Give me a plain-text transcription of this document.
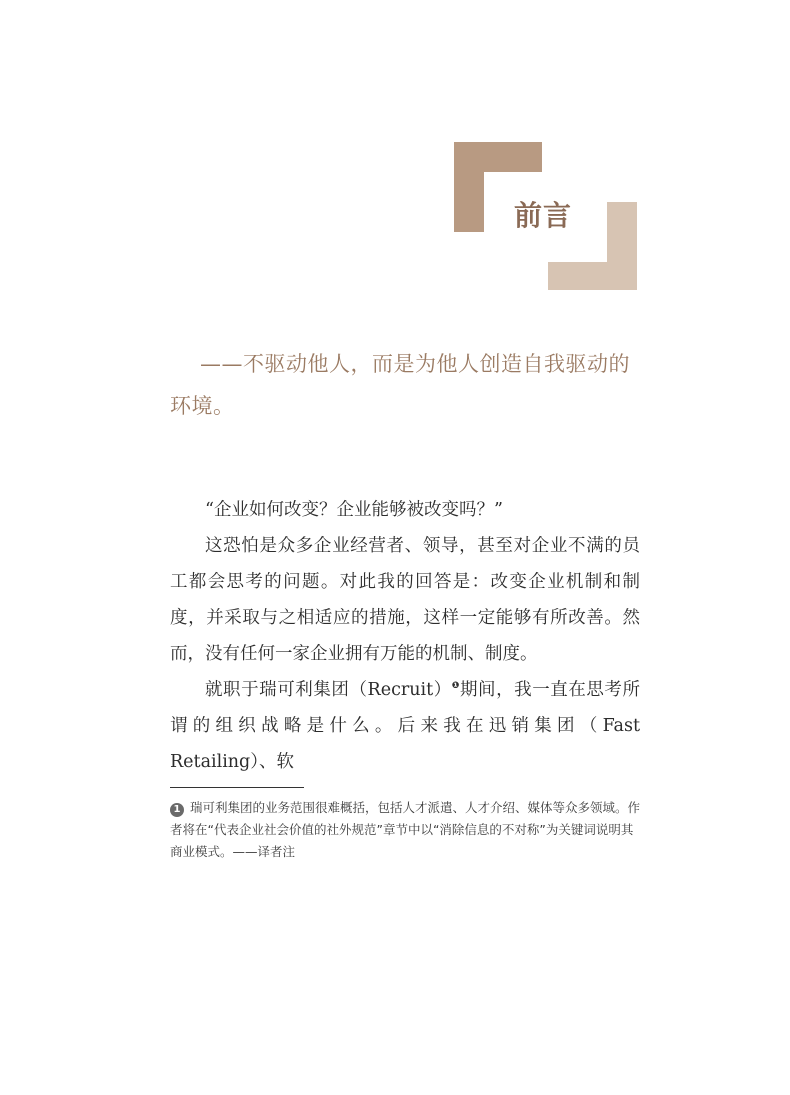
前言
——不驱动他人，而是为他人创造自我驱动的环境。

“企业如何改变？企业能够被改变吗？”

这恐怕是众多企业经营者、领导，甚至对企业不满的员工都会思考的问题。对此我的回答是：改变企业机制和制度，并采取与之相适应的措施，这样一定能够有所改善。然而，没有任何一家企业拥有万能的机制、制度。

就职于瑞可利集团（Recruit）$^❶$期间，我一直在思考所谓的组织战略是什么。后来我在迅销集团（Fast Retailing）、软

1 瑞可利集团的业务范围很难概括，包括人才派遣、人才介绍、媒体等众多领域。作者将在“代表企业社会价值的社外规范”章节中以“消除信息的不对称”为关键词说明其商业模式。——译者注
